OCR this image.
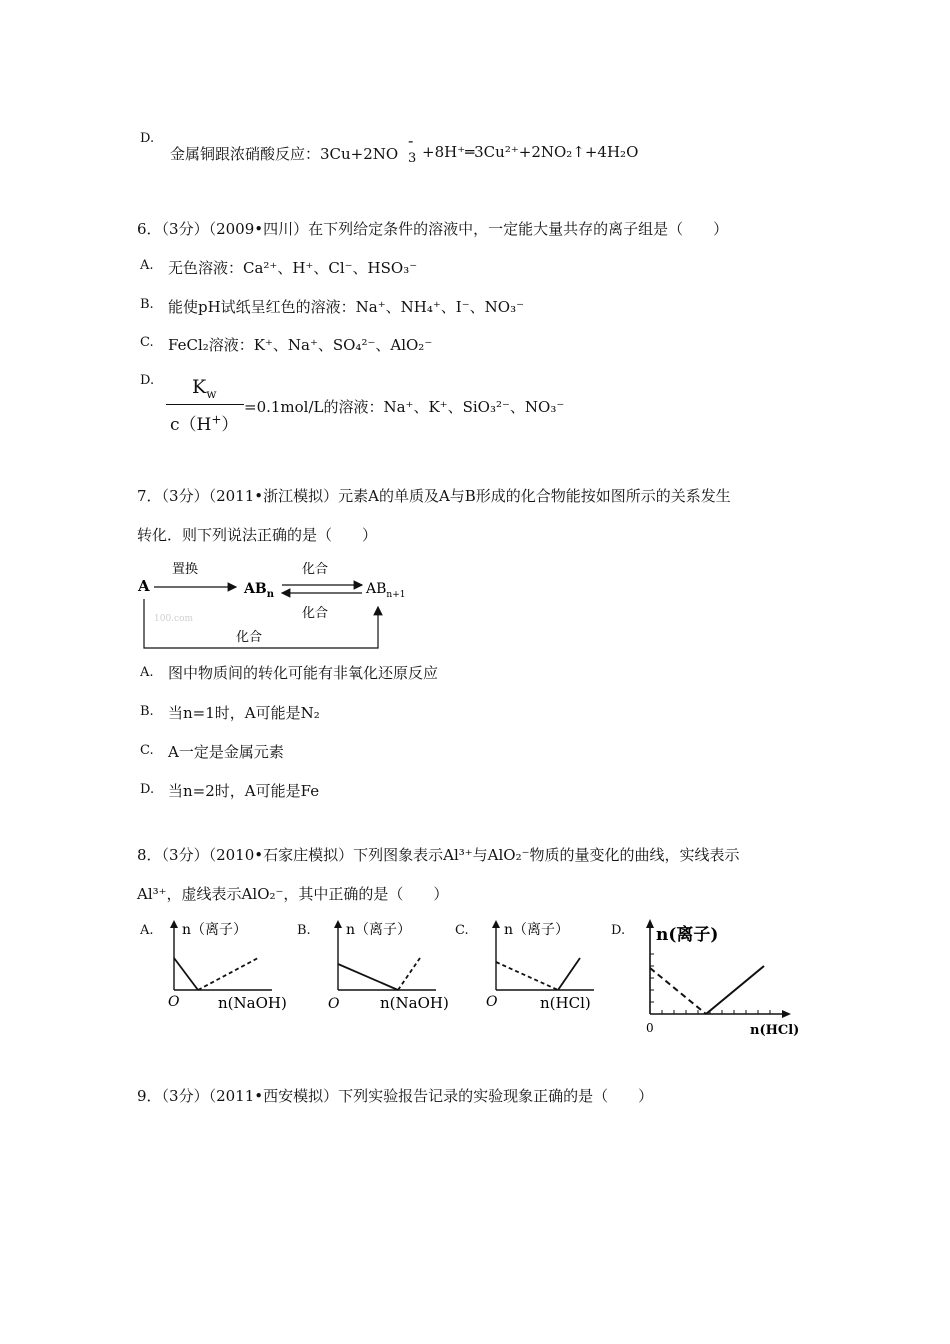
D.
金属铜跟浓硝酸反应：3Cu+2NO
-
3 +8H⁺═3Cu²⁺+2NO₂↑+4H₂O
6．（3分）（2009•四川）在下列给定条件的溶液中，一定能大量共存的离子组是（　　）
A. 无色溶液：Ca²⁺、H⁺、Cl⁻、HSO₃⁻
B. 能使pH试纸呈红色的溶液：Na⁺、NH₄⁺、I⁻、NO₃⁻
C. FeCl₂溶液：K⁺、Na⁺、SO₄²⁻、AlO₂⁻
D. $K_w$
c（H+）
=0.1mol/L的溶液：Na⁺、K⁺、SiO₃²⁻、NO₃⁻
7．（3分）（2011•浙江模拟）元素A的单质及A与B形成的化合物能按如图所示的关系发生
转化．则下列说法正确的是（　　）
A
置换
$AB_n$
化合
化合
$AB_{n+1}$
100.com
化合
A. 图中物质间的转化可能有非氧化还原反应
B. 当n=1时，A可能是N₂
C. A一定是金属元素
D. 当n=2时，A可能是Fe
8．（3分）（2010•石家庄模拟）下列图象表示Al³⁺与AlO₂⁻物质的量变化的曲线，实线表示
Al³⁺，虚线表示AlO₂⁻，其中正确的是（　　）
A. n（离子）
O	n(NaOH)
B.	n（离子）
O	n(NaOH)
C.	n（离子）
O	n(HCl)
D. n(离子)
0	n(HCl)
9．（3分）（2011•西安模拟）下列实验报告记录的实验现象正确的是（　　）
